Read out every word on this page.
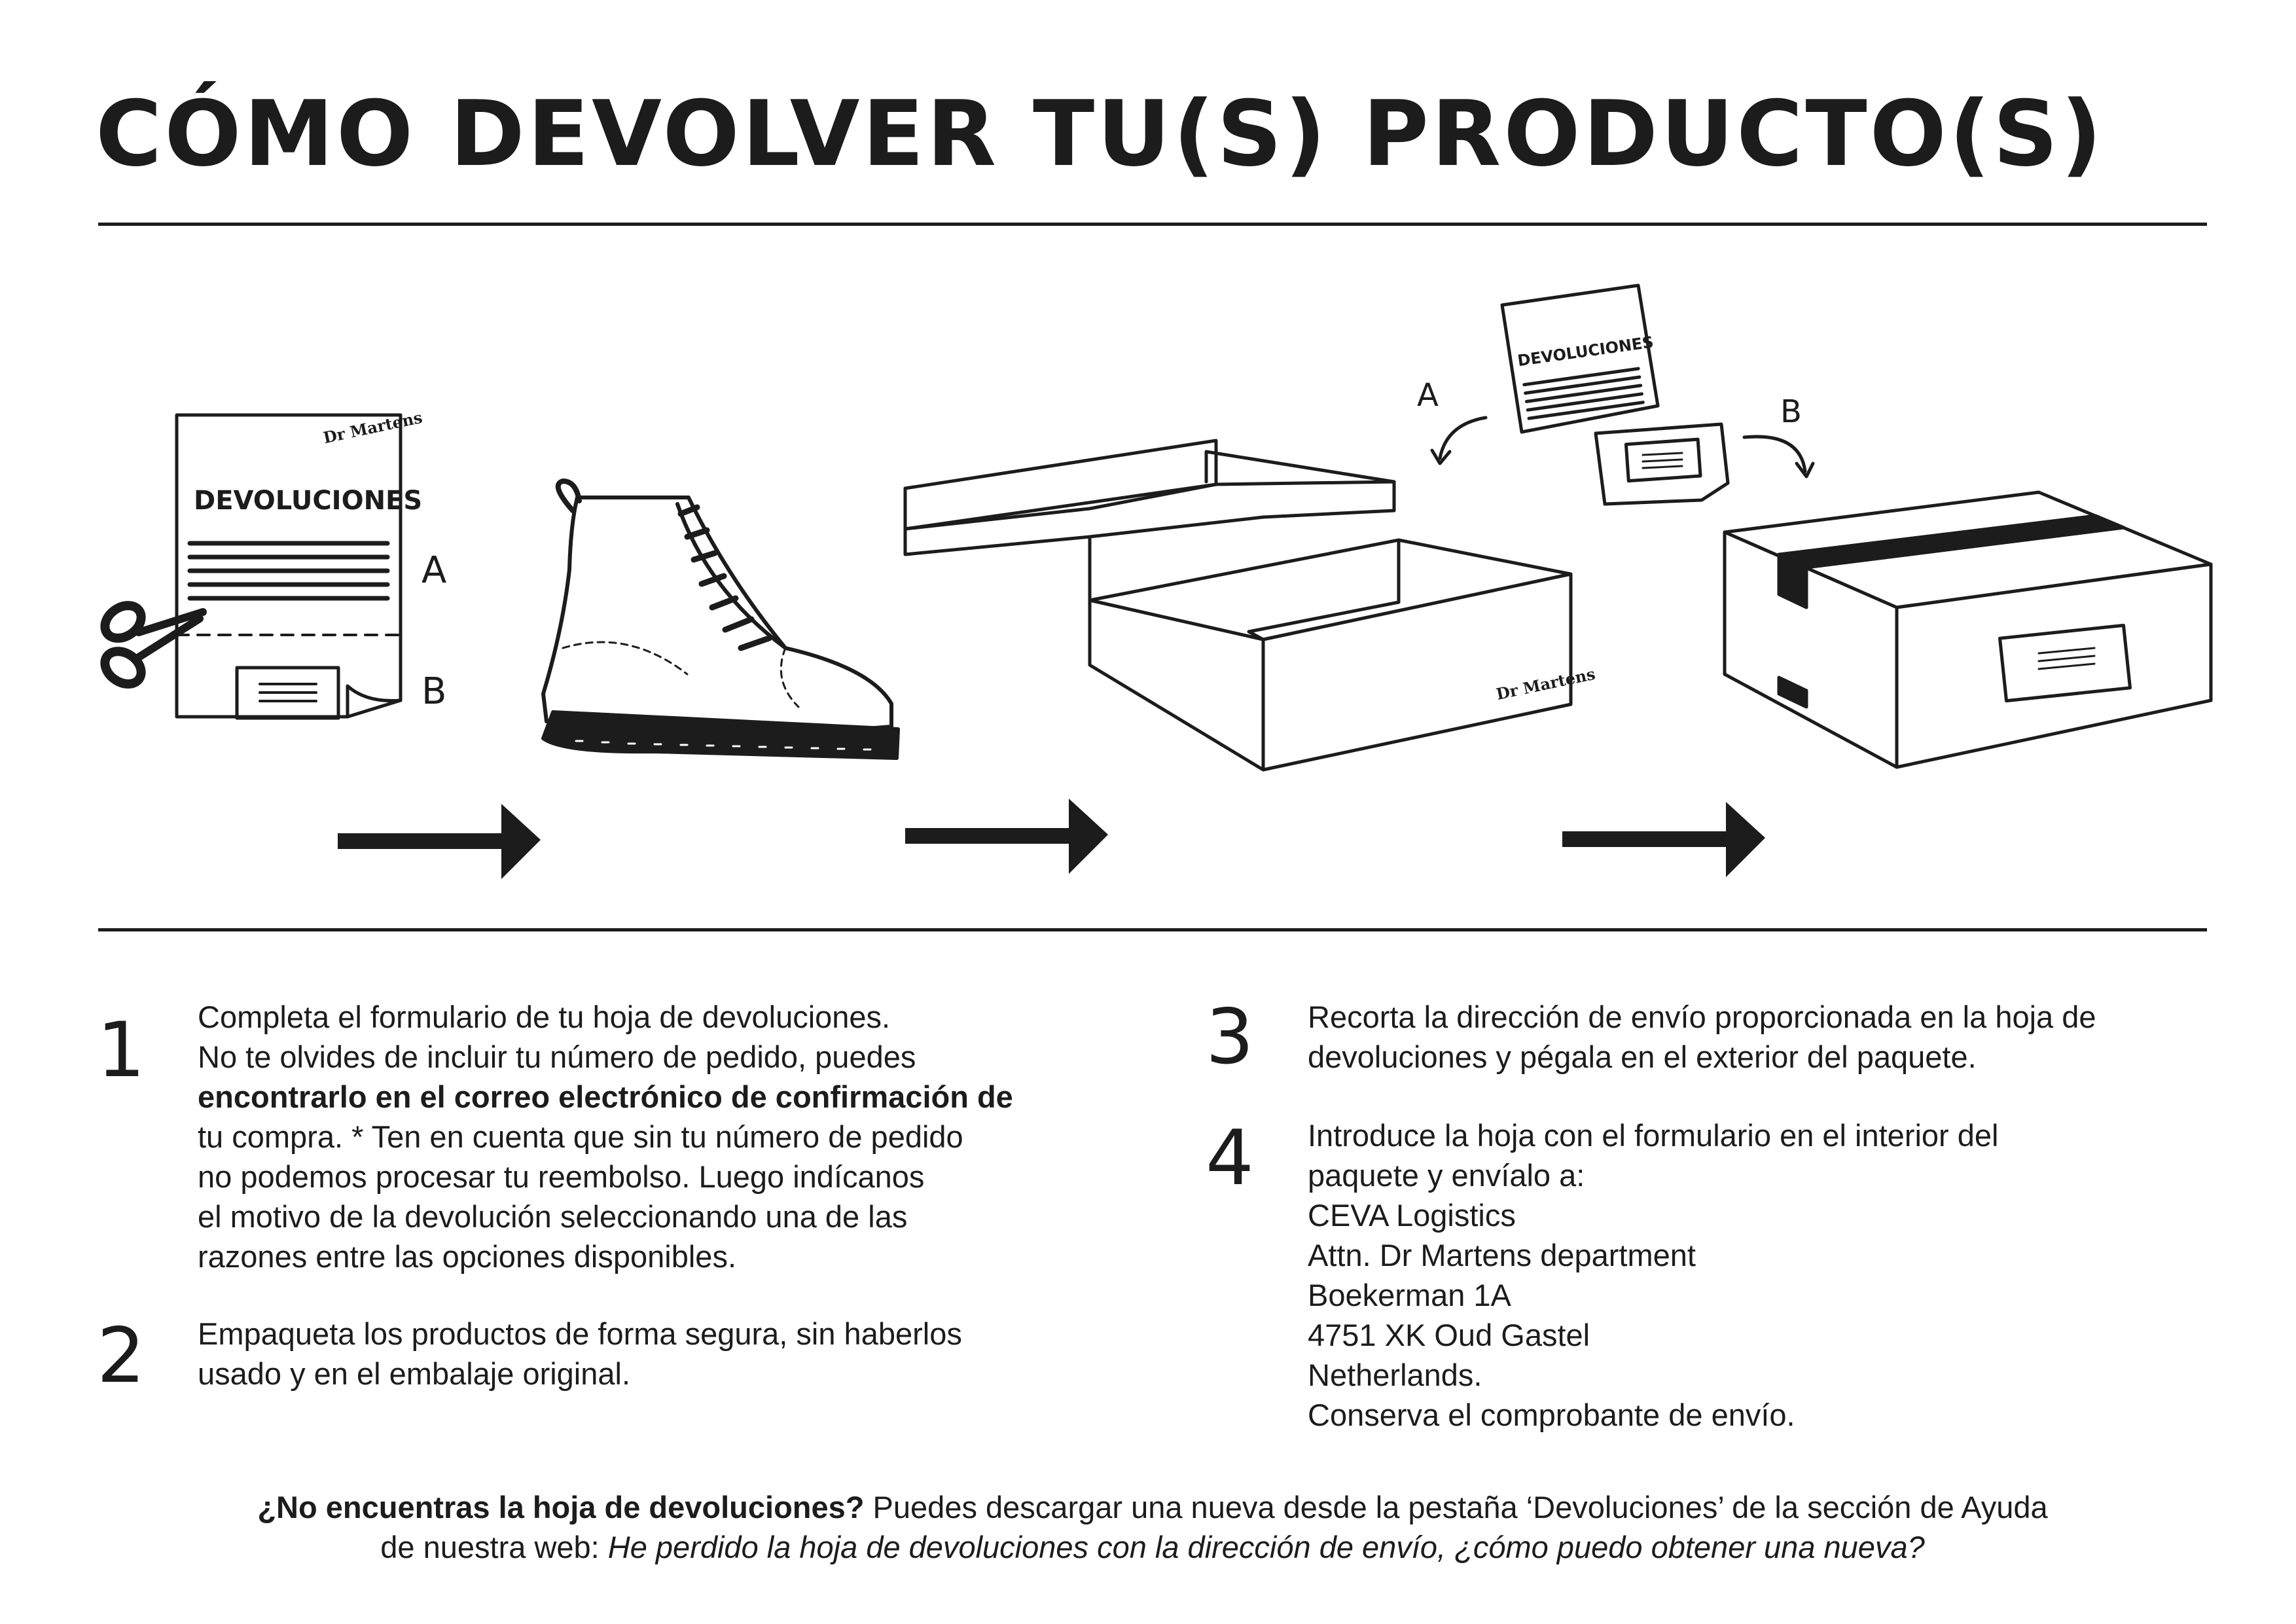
CÓMO DEVOLVER TU(S) PRODUCTO(S)
Dr Martens
DEVOLUCIONES
A
B	Dr Martens
DEVOLUCIONES
A	B
1 Completa el formulario de tu hoja de devoluciones.

No te olvides de incluir tu número de pedido, puedes

encontrarlo en el correo electrónico de confirmación de

tu compra. * Ten en cuenta que sin tu número de pedido

no podemos procesar tu reembolso. Luego indícanos

el motivo de la devolución seleccionando una de las

razones entre las opciones disponibles.

2 Empaqueta los productos de forma segura, sin haberlos

usado y en el embalaje original.

3 Recorta la dirección de envío proporcionada en la hoja de

devoluciones y pégala en el exterior del paquete.

4 Introduce la hoja con el formulario en el interior del

paquete y envíalo a:

CEVA Logistics

Attn. Dr Martens department

Boekerman 1A

4751 XK Oud Gastel

Netherlands.

Conserva el comprobante de envío.

¿No encuentras la hoja de devoluciones? Puedes descargar una nueva desde la pestaña ‘Devoluciones’ de la sección de Ayuda

de nuestra web: He perdido la hoja de devoluciones con la dirección de envío, ¿cómo puedo obtener una nueva?
